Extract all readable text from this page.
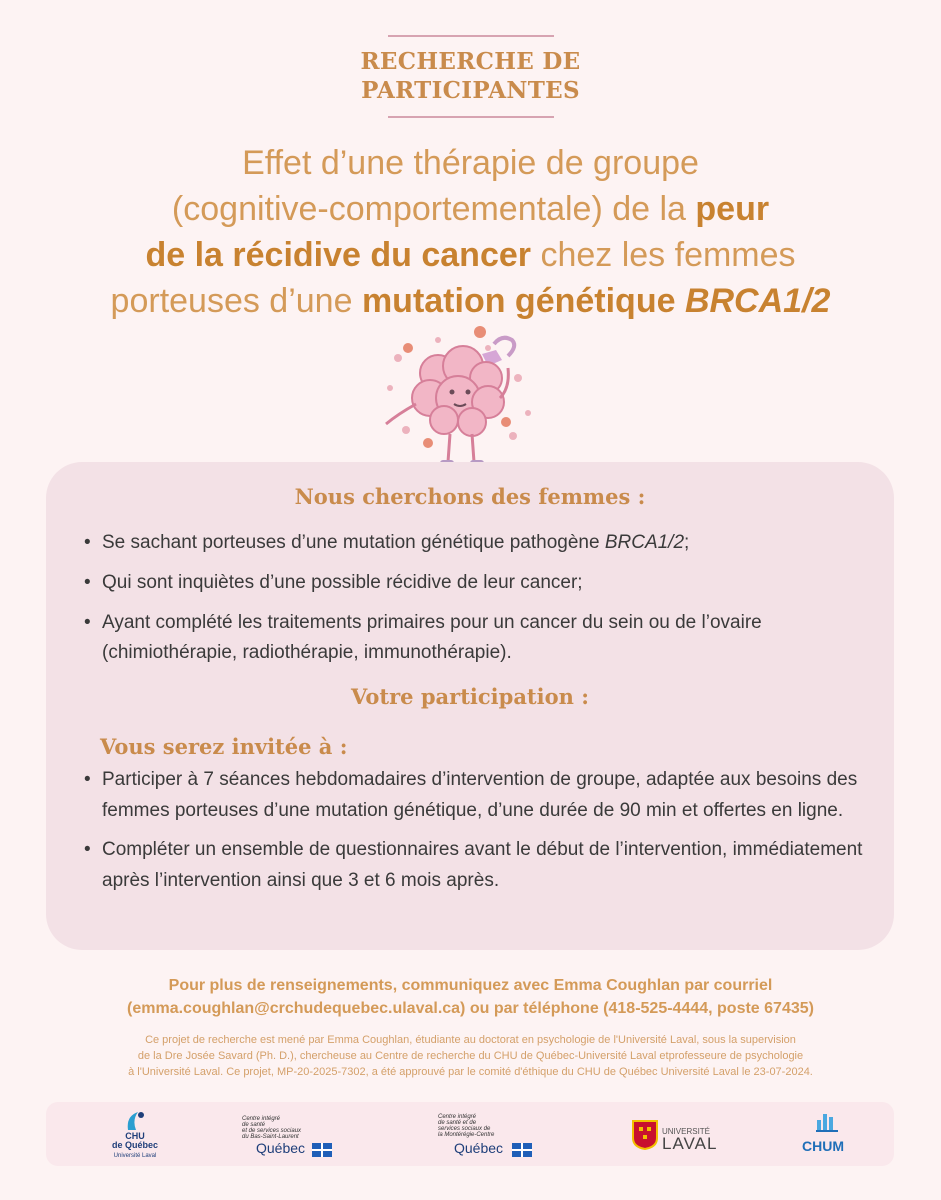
RECHERCHE DE
PARTICIPANTES
Effet d’une thérapie de groupe
(cognitive-comportementale) de la peur
de la récidive du cancer chez les femmes
porteuses d’une mutation génétique BRCA1/2
Nous cherchons des femmes :
• Se sachant porteuses d’une mutation génétique pathogène BRCA1/2;
• Qui sont inquiètes d’une possible récidive de leur cancer;
• Ayant complété les traitements primaires pour un cancer du sein ou de l’ovaire (chimiothérapie, radiothérapie, immunothérapie).
Votre participation :
Vous serez invitée à :
• Participer à 7 séances hebdomadaires d’intervention de groupe, adaptée aux besoins des femmes porteuses d’une mutation génétique, d’une durée de 90 min et offertes en ligne.
• Compléter un ensemble de questionnaires avant le début de l’intervention, immédiatement après l’intervention ainsi que 3 et 6 mois après.
Pour plus de renseignements, communiquez avec Emma Coughlan par courriel
(emma.coughlan@crchudequebec.ulaval.ca) ou par téléphone (418-525-4444, poste 67435)
Ce projet de recherche est mené par Emma Coughlan, étudiante au doctorat en psychologie de l'Université Laval, sous la supervision
de la Dre Josée Savard (Ph. D.), chercheuse au Centre de recherche du CHU de Québec-Université Laval etprofesseure de psychologie
à l'Université Laval. Ce projet, MP-20-2025-7302, a été approuvé par le comité d'éthique du CHU de Québec Université Laval le 23-07-2024.
CHU
de Québec
Université Laval
Centre intégré
de santé
et de services sociaux
du Bas-Saint-Laurent
Québec
Centre intégré
de santé et de
services sociaux de
la Montérégie-Centre
Québec
UNIVERSITÉ
LAVAL	CHUM
